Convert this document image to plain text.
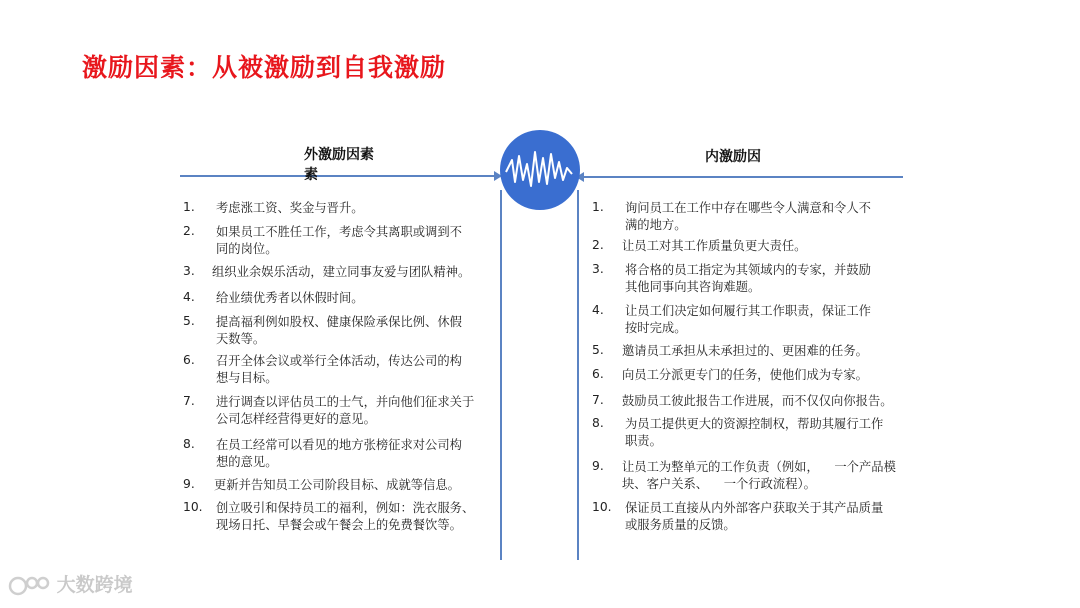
激励因素：从被激励到自我激励
外激励因素
素
内激励因
1. 考虑涨工资、奖金与晋升。
2. 如果员工不胜任工作，考虑令其离职或调到不
同的岗位。
3. 组织业余娱乐活动，建立同事友爱与团队精神。
4. 给业绩优秀者以休假时间。
5. 提高福利例如股权、健康保险承保比例、休假
天数等。
6. 召开全体会议或举行全体活动，传达公司的构
想与目标。
7. 进行调查以评估员工的士气，并向他们征求关于
公司怎样经营得更好的意见。
8. 在员工经常可以看见的地方张榜征求对公司构
想的意见。
9. 更新并告知员工公司阶段目标、成就等信息。
10. 创立吸引和保持员工的福利，例如：洗衣服务、
现场日托、早餐会或午餐会上的免费餐饮等。
1. 询问员工在工作中存在哪些令人满意和令人不
满的地方。
2. 让员工对其工作质量负更大责任。
3. 将合格的员工指定为其领域内的专家，并鼓励
其他同事向其咨询难题。
4. 让员工们决定如何履行其工作职责，保证工作
按时完成。
5. 邀请员工承担从未承担过的、更困难的任务。
6. 向员工分派更专门的任务，使他们成为专家。
7. 鼓励员工彼此报告工作进展，而不仅仅向你报告。
8. 为员工提供更大的资源控制权，帮助其履行工作
职责。
9. 让员工为整单元的工作负责（例如，    一个产品模
块、客户关系、    一个行政流程）。
10. 保证员工直接从内外部客户获取关于其产品质量
或服务质量的反馈。
大数跨境
